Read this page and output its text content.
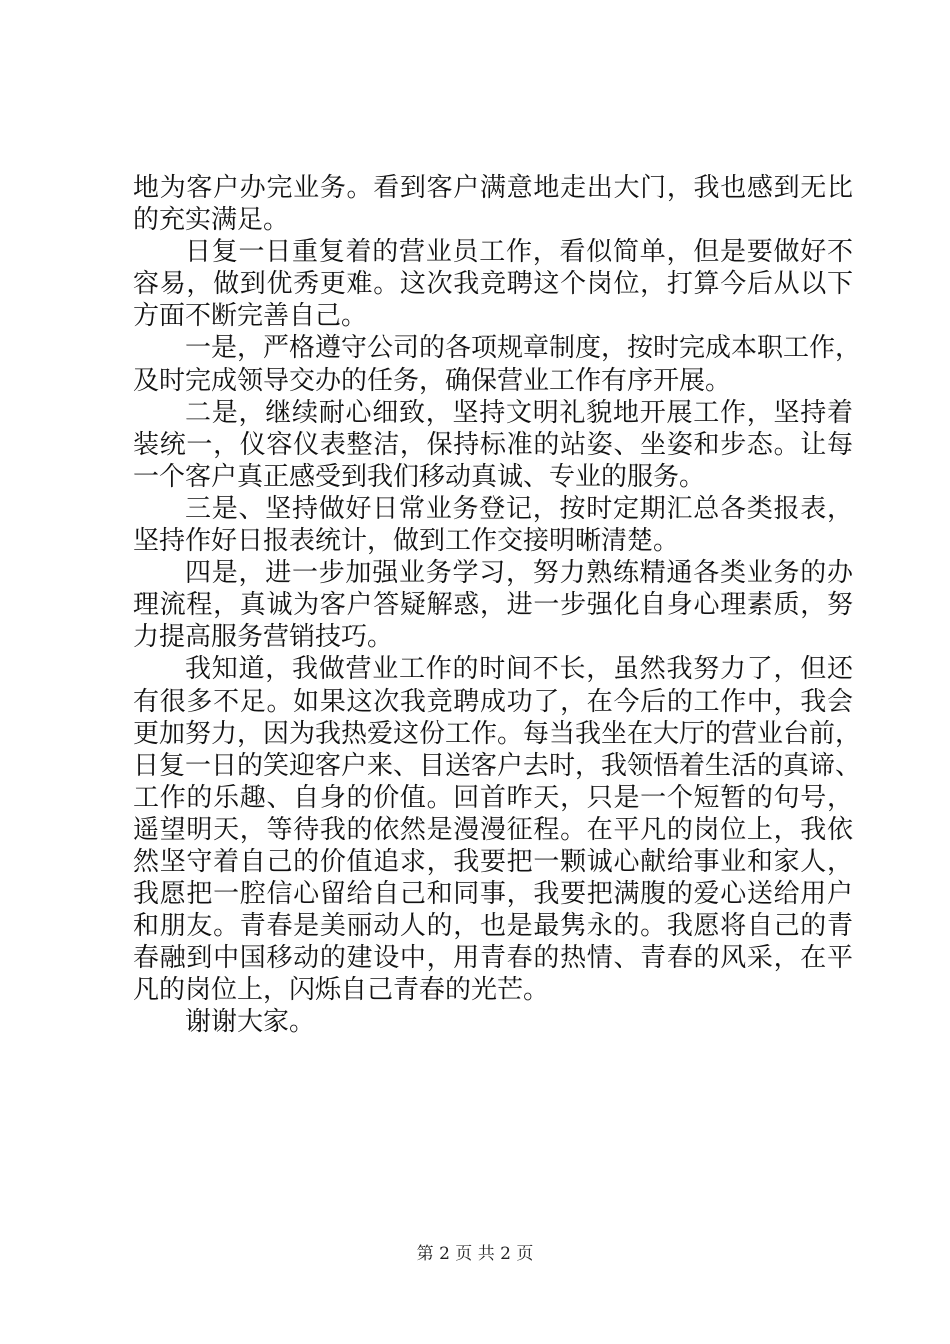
地为客户办完业务。看到客户满意地走出大门，我也感到无比
的充实满足。
日复一日重复着的营业员工作，看似简单，但是要做好不
容易，做到优秀更难。这次我竞聘这个岗位，打算今后从以下
方面不断完善自己。
一是，严格遵守公司的各项规章制度，按时完成本职工作，
及时完成领导交办的任务，确保营业工作有序开展。
二是，继续耐心细致，坚持文明礼貌地开展工作，坚持着
装统一，仪容仪表整洁，保持标准的站姿、坐姿和步态。让每
一个客户真正感受到我们移动真诚、专业的服务。
三是、坚持做好日常业务登记，按时定期汇总各类报表，
坚持作好日报表统计，做到工作交接明晰清楚。
四是，进一步加强业务学习，努力熟练精通各类业务的办
理流程，真诚为客户答疑解惑，进一步强化自身心理素质，努
力提高服务营销技巧。
我知道，我做营业工作的时间不长，虽然我努力了，但还
有很多不足。如果这次我竞聘成功了，在今后的工作中，我会
更加努力，因为我热爱这份工作。每当我坐在大厅的营业台前，
日复一日的笑迎客户来、目送客户去时，我领悟着生活的真谛、
工作的乐趣、自身的价值。回首昨天，只是一个短暂的句号，
遥望明天，等待我的依然是漫漫征程。在平凡的岗位上，我依
然坚守着自己的价值追求，我要把一颗诚心献给事业和家人，
我愿把一腔信心留给自己和同事，我要把满腹的爱心送给用户
和朋友。青春是美丽动人的，也是最隽永的。我愿将自己的青
春融到中国移动的建设中，用青春的热情、青春的风采，在平
凡的岗位上，闪烁自己青春的光芒。
谢谢大家。
第 2 页 共 2 页
